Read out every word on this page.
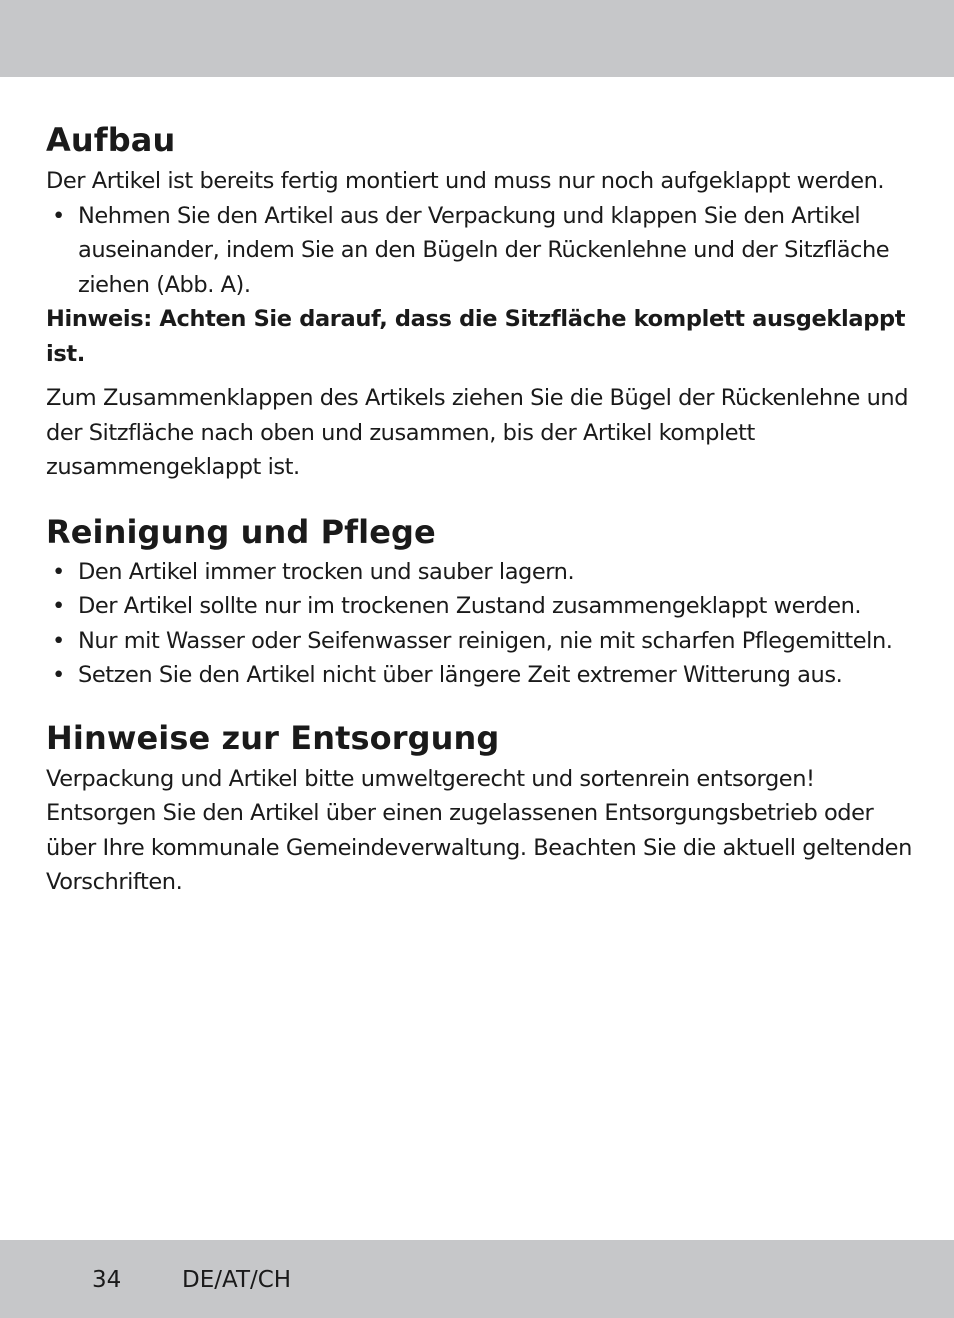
Aufbau

Der Artikel ist bereits fertig montiert und muss nur noch aufgeklappt werden.

• Nehmen Sie den Artikel aus der Verpackung und klappen Sie den Artikel auseinander, indem Sie an den Bügeln der Rückenlehne und der Sitzfläche ziehen (Abb. A).

Hinweis: Achten Sie darauf, dass die Sitzfläche komplett ausgeklappt ist.

Zum Zusammenklappen des Artikels ziehen Sie die Bügel der Rückenlehne und der Sitzfläche nach oben und zusammen, bis der Artikel komplett zusammengeklappt ist.

Reinigung und Pflege
• Den Artikel immer trocken und sauber lagern.
• Der Artikel sollte nur im trockenen Zustand zusammengeklappt werden.
• Nur mit Wasser oder Seifenwasser reinigen, nie mit scharfen Pflegemitteln.
• Setzen Sie den Artikel nicht über längere Zeit extremer Witterung aus.
Hinweise zur Entsorgung

Verpackung und Artikel bitte umweltgerecht und sortenrein entsorgen! Entsorgen Sie den Artikel über einen zugelassenen Entsorgungsbetrieb oder über Ihre kommunale Gemeindeverwaltung. Beachten Sie die aktuell geltenden Vorschriften.

34	DE/AT/CH
